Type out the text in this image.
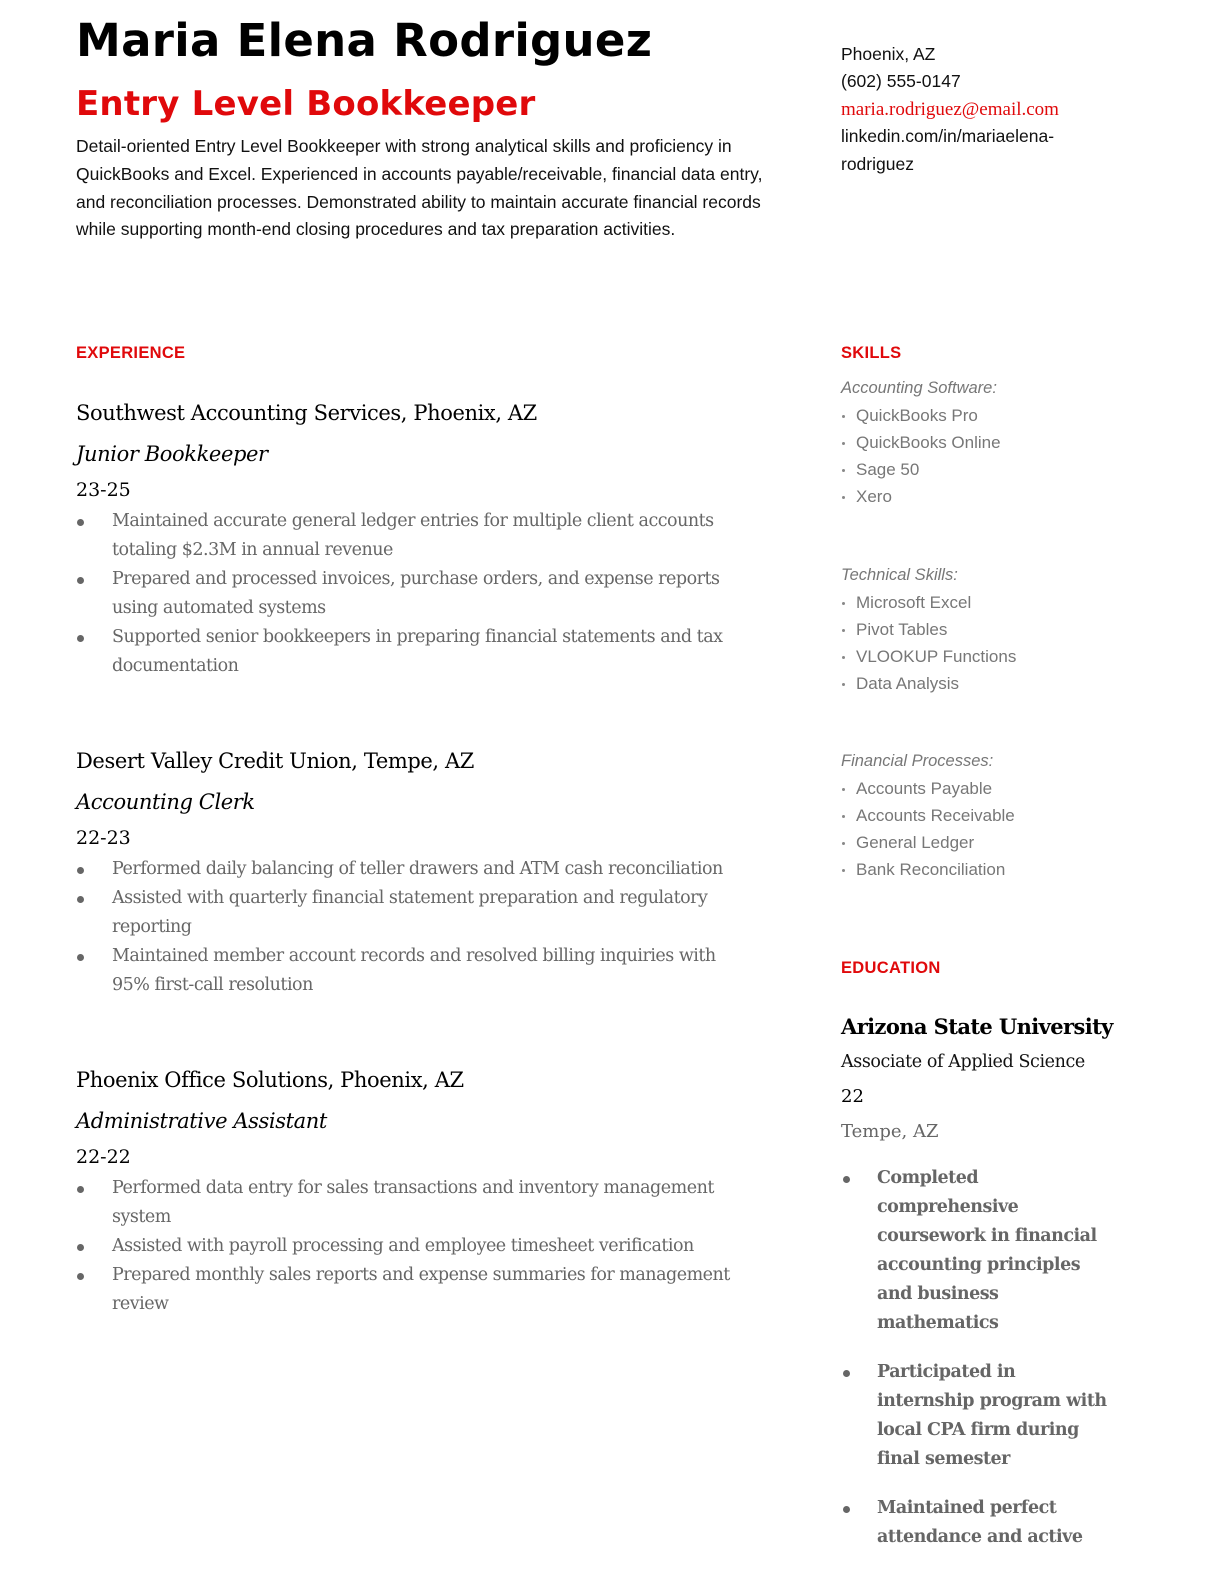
Maria Elena Rodriguez
Entry Level Bookkeeper
Detail-oriented Entry Level Bookkeeper with strong analytical skills and proficiency in QuickBooks and Excel. Experienced in accounts payable/receivable, financial data entry, and reconciliation processes. Demonstrated ability to maintain accurate financial records while supporting month-end closing procedures and tax preparation activities.
EXPERIENCE
Southwest Accounting Services, Phoenix, AZ
Junior Bookkeeper
23-25
Maintained accurate general ledger entries for multiple client accounts totaling $2.3M in annual revenue
Prepared and processed invoices, purchase orders, and expense reports using automated systems
Supported senior bookkeepers in preparing financial statements and tax documentation
Desert Valley Credit Union, Tempe, AZ
Accounting Clerk
22-23
Performed daily balancing of teller drawers and ATM cash reconciliation
Assisted with quarterly financial statement preparation and regulatory reporting
Maintained member account records and resolved billing inquiries with 95% first-call resolution
Phoenix Office Solutions, Phoenix, AZ
Administrative Assistant
22-22
Performed data entry for sales transactions and inventory management system
Assisted with payroll processing and employee timesheet verification
Prepared monthly sales reports and expense summaries for management review
Phoenix, AZ
(602) 555-0147
maria.rodriguez@email.com
linkedin.com/in/mariaelena-
rodriguez
SKILLS
Accounting Software:
QuickBooks Pro
QuickBooks Online
Sage 50
Xero
Technical Skills:
Microsoft Excel
Pivot Tables
VLOOKUP Functions
Data Analysis
Financial Processes:
Accounts Payable
Accounts Receivable
General Ledger
Bank Reconciliation
EDUCATION
Arizona State University
Associate of Applied Science
22
Tempe, AZ
Completed comprehensive coursework in financial accounting principles and business mathematics
Participated in internship program with local CPA firm during final semester
Maintained perfect attendance and active
